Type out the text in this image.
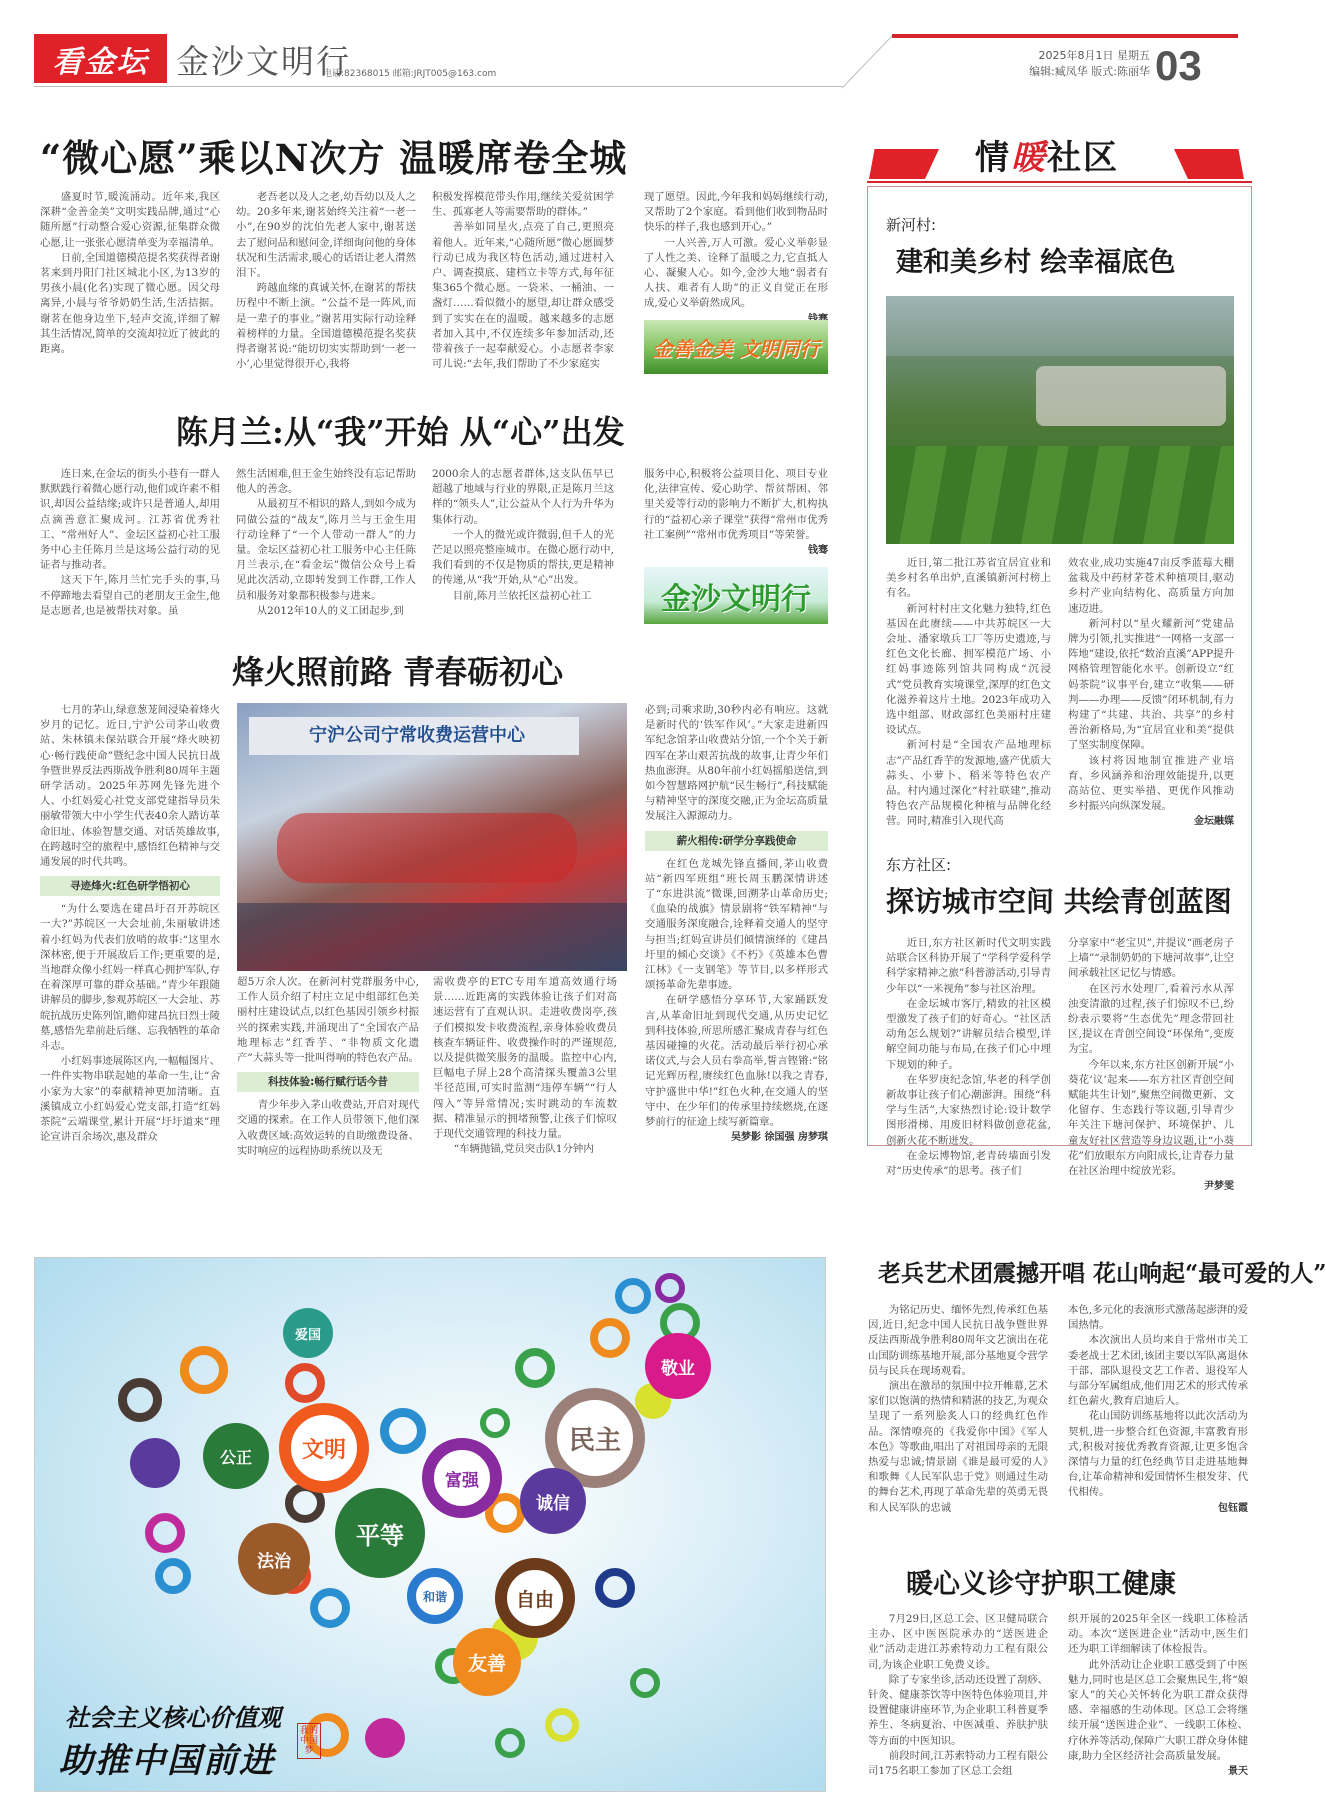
看金坛 金沙文明行
电话:82368015 邮箱:JRJT005@163.com
2025年8月1日 星期五
编辑:臧凤华 版式:陈丽华 03
“微心愿”乘以N次方 温暖席卷全城

盛夏时节,暖流涌动。近年来,我区深耕“金善金美”文明实践品牌,通过“心随所愿”行动整合爱心资源,征集群众微心愿,让一张张心愿清单变为幸福清单。

日前,全国道德模范提名奖获得者谢茗来到丹阳门社区城北小区,为13岁的男孩小晨(化名)实现了微心愿。因父母离异,小晨与爷爷奶奶生活,生活拮据。谢茗在他身边坐下,轻声交流,详细了解其生活情况,简单的交流却拉近了彼此的距离。

老吾老以及人之老,幼吾幼以及人之幼。20多年来,谢茗始终关注着“一老一小”,在90岁的沈伯先老人家中,谢茗送去了慰问品和慰问金,详细询问他的身体状况和生活需求,暖心的话语让老人潸然泪下。

跨越血缘的真诚关怀,在谢茗的帮扶历程中不断上演。“公益不是一阵风,而是一辈子的事业。”谢茗用实际行动诠释着榜样的力量。全国道德模范提名奖获得者谢茗说:“能切切实实帮助到‘一老一小’,心里觉得很开心,我将

积极发挥模范带头作用,继续关爱贫困学生、孤寡老人等需要帮助的群体。”

善举如同星火,点亮了自己,更照亮着他人。近年来,“心随所愿”微心愿圆梦行动已成为我区特色活动,通过进村入户、调查摸底、建档立卡等方式,每年征集365个微心愿。一袋米、一桶油、一盏灯……看似微小的愿望,却让群众感受到了实实在在的温暖。越来越多的志愿者加入其中,不仅连续多年参加活动,还带着孩子一起奉献爱心。小志愿者李家可儿说:“去年,我们帮助了不少家庭实

现了愿望。因此,今年我和妈妈继续行动,又帮助了2个家庭。看到他们收到物品时快乐的样子,我也感到开心。”

一人兴善,万人可激。爱心义举彰显了人性之美、诠释了温暖之力,它直抵人心、凝聚人心。如今,金沙大地“弱者有人扶、难者有人助”的正义自觉正在形成,爱心义举蔚然成风。

金善金美 文明同行
陈月兰:从“我”开始 从“心”出发

连日来,在金坛的街头小巷有一群人默默践行着微心愿行动,他们或许素不相识,却因公益结缘;或许只是普通人,却用点滴善意汇聚成河。江苏省优秀社工、“常州好人”、金坛区益初心社工服务中心主任陈月兰是这场公益行动的见证者与推动者。

这天下午,陈月兰忙完手头的事,马不停蹄地去看望自己的老朋友王金生,他是志愿者,也是被帮扶对象。虽

然生活困难,但王金生始终没有忘记帮助他人的善念。

从最初互不相识的路人,到如今成为同做公益的“战友”,陈月兰与王金生用行动诠释了“一个人带动一群人”的力量。金坛区益初心社工服务中心主任陈月兰表示,在“看金坛”微信公众号上看见此次活动,立即转发到工作群,工作人员和服务对象都积极参与进来。

从2012年10人的义工团起步,到

2000余人的志愿者群体,这支队伍早已超越了地域与行业的界限,正是陈月兰这样的“领头人”,让公益从个人行为升华为集体行动。

一个人的微光或许微弱,但千人的光芒足以照亮整座城市。在微心愿行动中,我们看到的不仅是物质的帮扶,更是精神的传递,从“我”开始,从“心”出发。

目前,陈月兰依托区益初心社工

服务中心,积极将公益项目化、项目专业化,法律宣传、爱心助学、帮贫帮困、邻里关爱等行动的影响力不断扩大,机构执行的“益初心亲子课堂”获得“常州市优秀社工案例”“常州市优秀项目”等荣誉。

钱骞
金沙文明行
烽火照前路 青春砺初心

七月的茅山,绿意葱茏间浸染着烽火岁月的记忆。近日,宁沪公司茅山收费站、朱林镇未保站联合开展“烽火映初心·畅行践使命”暨纪念中国人民抗日战争暨世界反法西斯战争胜利80周年主题研学活动。2025年苏网先锋先进个人、小红妈爱心社党支部党建指导员朱丽敏带领大中小学生代表40余人踏访革命旧址、体验智慧交通、对话英雄故事,在跨越时空的旅程中,感悟红色精神与交通发展的时代共鸣。

寻迹烽火:红色研学悟初心

“为什么要选在建昌圩召开苏皖区一大?”苏皖区一大会址前,朱丽敏讲述着小红妈为代表们放哨的故事:“这里水深林密,便于开展敌后工作;更重要的是,当地群众像小红妈一样真心拥护军队,存在着深厚可靠的群众基础。”青少年跟随讲解员的脚步,参观苏皖区一大会址、苏皖抗战历史陈列馆,瞻仰建昌抗日烈士陵墓,感悟先辈前赴后继、忘我牺牲的革命斗志。

小红妈事迹展陈区内,一幅幅图片、一件件实物串联起她的革命一生,让“舍小家为大家”的奉献精神更加清晰。直溪镇成立小红妈爱心党支部,打造“红妈茶院”云端课堂,累计开展“圩圩道来”理论宣讲百余场次,惠及群众

宁沪公司宁常收费运营中心

超5万余人次。在新河村党群服务中心,工作人员介绍了村庄立足中组部红色美丽村庄建设试点,以红色基因引领乡村振兴的探索实践,并涌现出了“全国农产品地理标志”红香芋、“非物质文化遗产”大蒜头等一批叫得响的特色农产品。

科技体验:畅行赋行话今昔

青少年步入茅山收费站,开启对现代交通的探索。在工作人员带领下,他们深入收费区域:高效运转的自助缴费设备、实时响应的远程协助系统以及无

需收费亭的ETC专用车道高效通行场景……近距离的实践体验让孩子们对高速运营有了直观认识。走进收费岗亭,孩子们模拟发卡收费流程,亲身体验收费员核查车辆证件、收费操作时的严谨规范,以及提供微笑服务的温暖。监控中心内,巨幅电子屏上28个高清探头覆盖3公里半径范围,可实时监测“违停车辆”“行人闯入”等异常情况;实时跳动的车流数据、精准显示的拥堵预警,让孩子们惊叹于现代交通管理的科技力量。

“车辆抛锚,党员突击队1分钟内

必到;司乘求助,30秒内必有响应。这就是新时代的‘铁军作风’。”大家走进新四军纪念馆茅山收费站分馆,一个个关于新四军在茅山艰苦抗战的故事,让青少年们热血澎湃。从80年前小红妈摇船送信,到如今智慧路网护航“民生畅行”,科技赋能与精神坚守的深度交融,正为金坛高质量发展注入源源动力。

薪火相传:研学分享践使命

在红色龙城先锋直播间,茅山收费站“新四军班组”班长周玉鹏深情讲述了“东进洪流”微课,回溯茅山革命历史;《血染的战旗》情景剧将“铁军精神”与交通服务深度融合,诠释着交通人的坚守与担当;红妈宣讲员们倾情演绎的《建昌圩里的倾心交谈》《不朽》《英雄本色曹江林》《一支钢笔》等节目,以多样形式颂扬革命先辈事迹。

在研学感悟分享环节,大家踊跃发言,从革命旧址到现代交通,从历史记忆到科技体验,所思所感汇聚成青春与红色基因碰撞的火花。活动最后举行初心承诺仪式,与会人员右拳高举,誓言铿锵:“铭记光辉历程,赓续红色血脉!以我之青春,守护盛世中华!”红色火种,在交通人的坚守中、在少年们的传承里持续燃烧,在逐梦前行的征途上续写新篇章。

吴梦影 徐国强 房梦琪
情暖社区
新河村:
建和美乡村 绘幸福底色

近日,第二批江苏省宜居宜业和美乡村名单出炉,直溪镇新河村榜上有名。

新河村村庄文化魅力独特,红色基因在此赓续——中共苏皖区一大会址、潘家墩兵工厂等历史遗迹,与红色文化长廊、拥军模范广场、小红妈事迹陈列馆共同构成“沉浸式”党员教育实境课堂,深厚的红色文化滋养着这片土地。2023年成功入选中组部、财政部红色美丽村庄建设试点。

新河村是“全国农产品地理标志”产品红香芋的发源地,盛产优质大蒜头、小萝卜、稻米等特色农产品。村内通过深化“村社联建”,推动特色农产品规模化种植与品牌化经营。同时,精准引入现代高

效农业,成功实施47亩反季蓝莓大棚盆栽及中药材茅苍术种植项目,驱动乡村产业向结构化、高质量方向加速迈进。

新河村以“星火耀新河”党建品牌为引领,扎实推进“一网格一支部一阵地”建设,依托“数治直溪”APP提升网格管理智能化水平。创新设立“红妈茶院”议事平台,建立“收集——研判——办理——反馈”闭环机制,有力构建了“共建、共治、共享”的乡村善治新格局,为“宜居宜业和美”提供了坚实制度保障。

该村将因地制宜推进产业培育、乡风涵养和治理效能提升,以更高站位、更实举措、更优作风推动乡村振兴向纵深发展。

金坛融媒
东方社区:
探访城市空间 共绘青创蓝图

近日,东方社区新时代文明实践站联合区科协开展了“学科学爱科学 科学家精神之旅”科普游活动,引导青少年以“一米视角”参与社区治理。

在金坛城市客厅,精致的社区模型激发了孩子们的好奇心。“社区活动角怎么规划?”讲解员结合模型,详解空间功能与布局,在孩子们心中埋下规划的种子。

在华罗庚纪念馆,华老的科学创新故事让孩子们心潮澎湃。围绕“科学与生活”,大家热烈讨论:设计数学图形滑梯、用废旧材料做创意花盆,创新火花不断迸发。

在金坛博物馆,老青砖墙面引发对“历史传承”的思考。孩子们

分享家中“老宝贝”,并提议“画老房子上墙”“录制奶奶的下塘河故事”,让空间承载社区记忆与情感。

在区污水处理厂,看着污水从浑浊变清澈的过程,孩子们惊叹不已,纷纷表示要将“生态优先”理念带回社区,提议在青创空间设“环保角”,变废为宝。

今年以来,东方社区创新开展“小葵花‘议’起来——东方社区青创空间赋能共生计划”,聚焦空间微更新、文化留存、生态践行等议题,引导青少年关注下塘河保护、环境保护、儿童友好社区营造等身边议题,让“小葵花”们放眼东方向阳成长,让青春力量在社区治理中绽放光彩。

尹梦雯
老兵艺术团震撼开唱 花山响起“最可爱的人”

为铭记历史、缅怀先烈,传承红色基因,近日,纪念中国人民抗日战争暨世界反法西斯战争胜利80周年文艺演出在花山国防训练基地开展,部分基地夏令营学员与民兵在现场观看。

演出在激昂的氛围中拉开帷幕,艺术家们以饱满的热情和精湛的技艺,为观众呈现了一系列脍炙人口的经典红色作品。深情嘹亮的《我爱你中国》《军人本色》等歌曲,唱出了对祖国母亲的无限热爱与忠诚;情景剧《谁是最可爱的人》和歌舞《人民军队忠于党》则通过生动的舞台艺术,再现了革命先辈的英勇无畏和人民军队的忠诚

本色,多元化的表演形式激荡起澎湃的爱国热情。

本次演出人员均来自于常州市关工委老战士艺术团,该团主要以军队离退休干部、部队退役文艺工作者、退役军人与部分军属组成,他们用艺术的形式传承红色薪火,教育启迪后人。

花山国防训练基地将以此次活动为契机,进一步整合红色资源,丰富教育形式,积极对接优秀教育资源,让更多饱含深情与力量的红色经典节目走进基地舞台,让革命精神和爱国情怀生根发芽、代代相传。

包钰霞
暖心义诊守护职工健康

7月29日,区总工会、区卫健局联合主办、区中医医院承办的“送医进企业”活动走进江苏索特动力工程有限公司,为该企业职工免费义诊。

除了专家坐诊,活动还设置了刮痧、针灸、健康茶饮等中医特色体验项目,并设置健康讲座环节,为企业职工科普夏季养生、冬病夏治、中医减重、养肤护肤等方面的中医知识。

前段时间,江苏索特动力工程有限公司175名职工参加了区总工会组

织开展的2025年全区一线职工体检活动。本次“送医进企业”活动中,医生们还为职工详细解读了体检报告。

此外活动让企业职工感受到了中医魅力,同时也是区总工会聚焦民生,将“娘家人”的关心关怀转化为职工群众获得感、幸福感的生动体现。区总工会将继续开展“送医进企业”、一线职工体检、疗休养等活动,保障广大职工群众身体健康,助力全区经济社会高质量发展。

景天
爱国
敬业
民主
公正 文明
富强
诚信
法治
平等
和谐	自由
友善
社会主义核心价值观
助推中国前进
我的中国梦
